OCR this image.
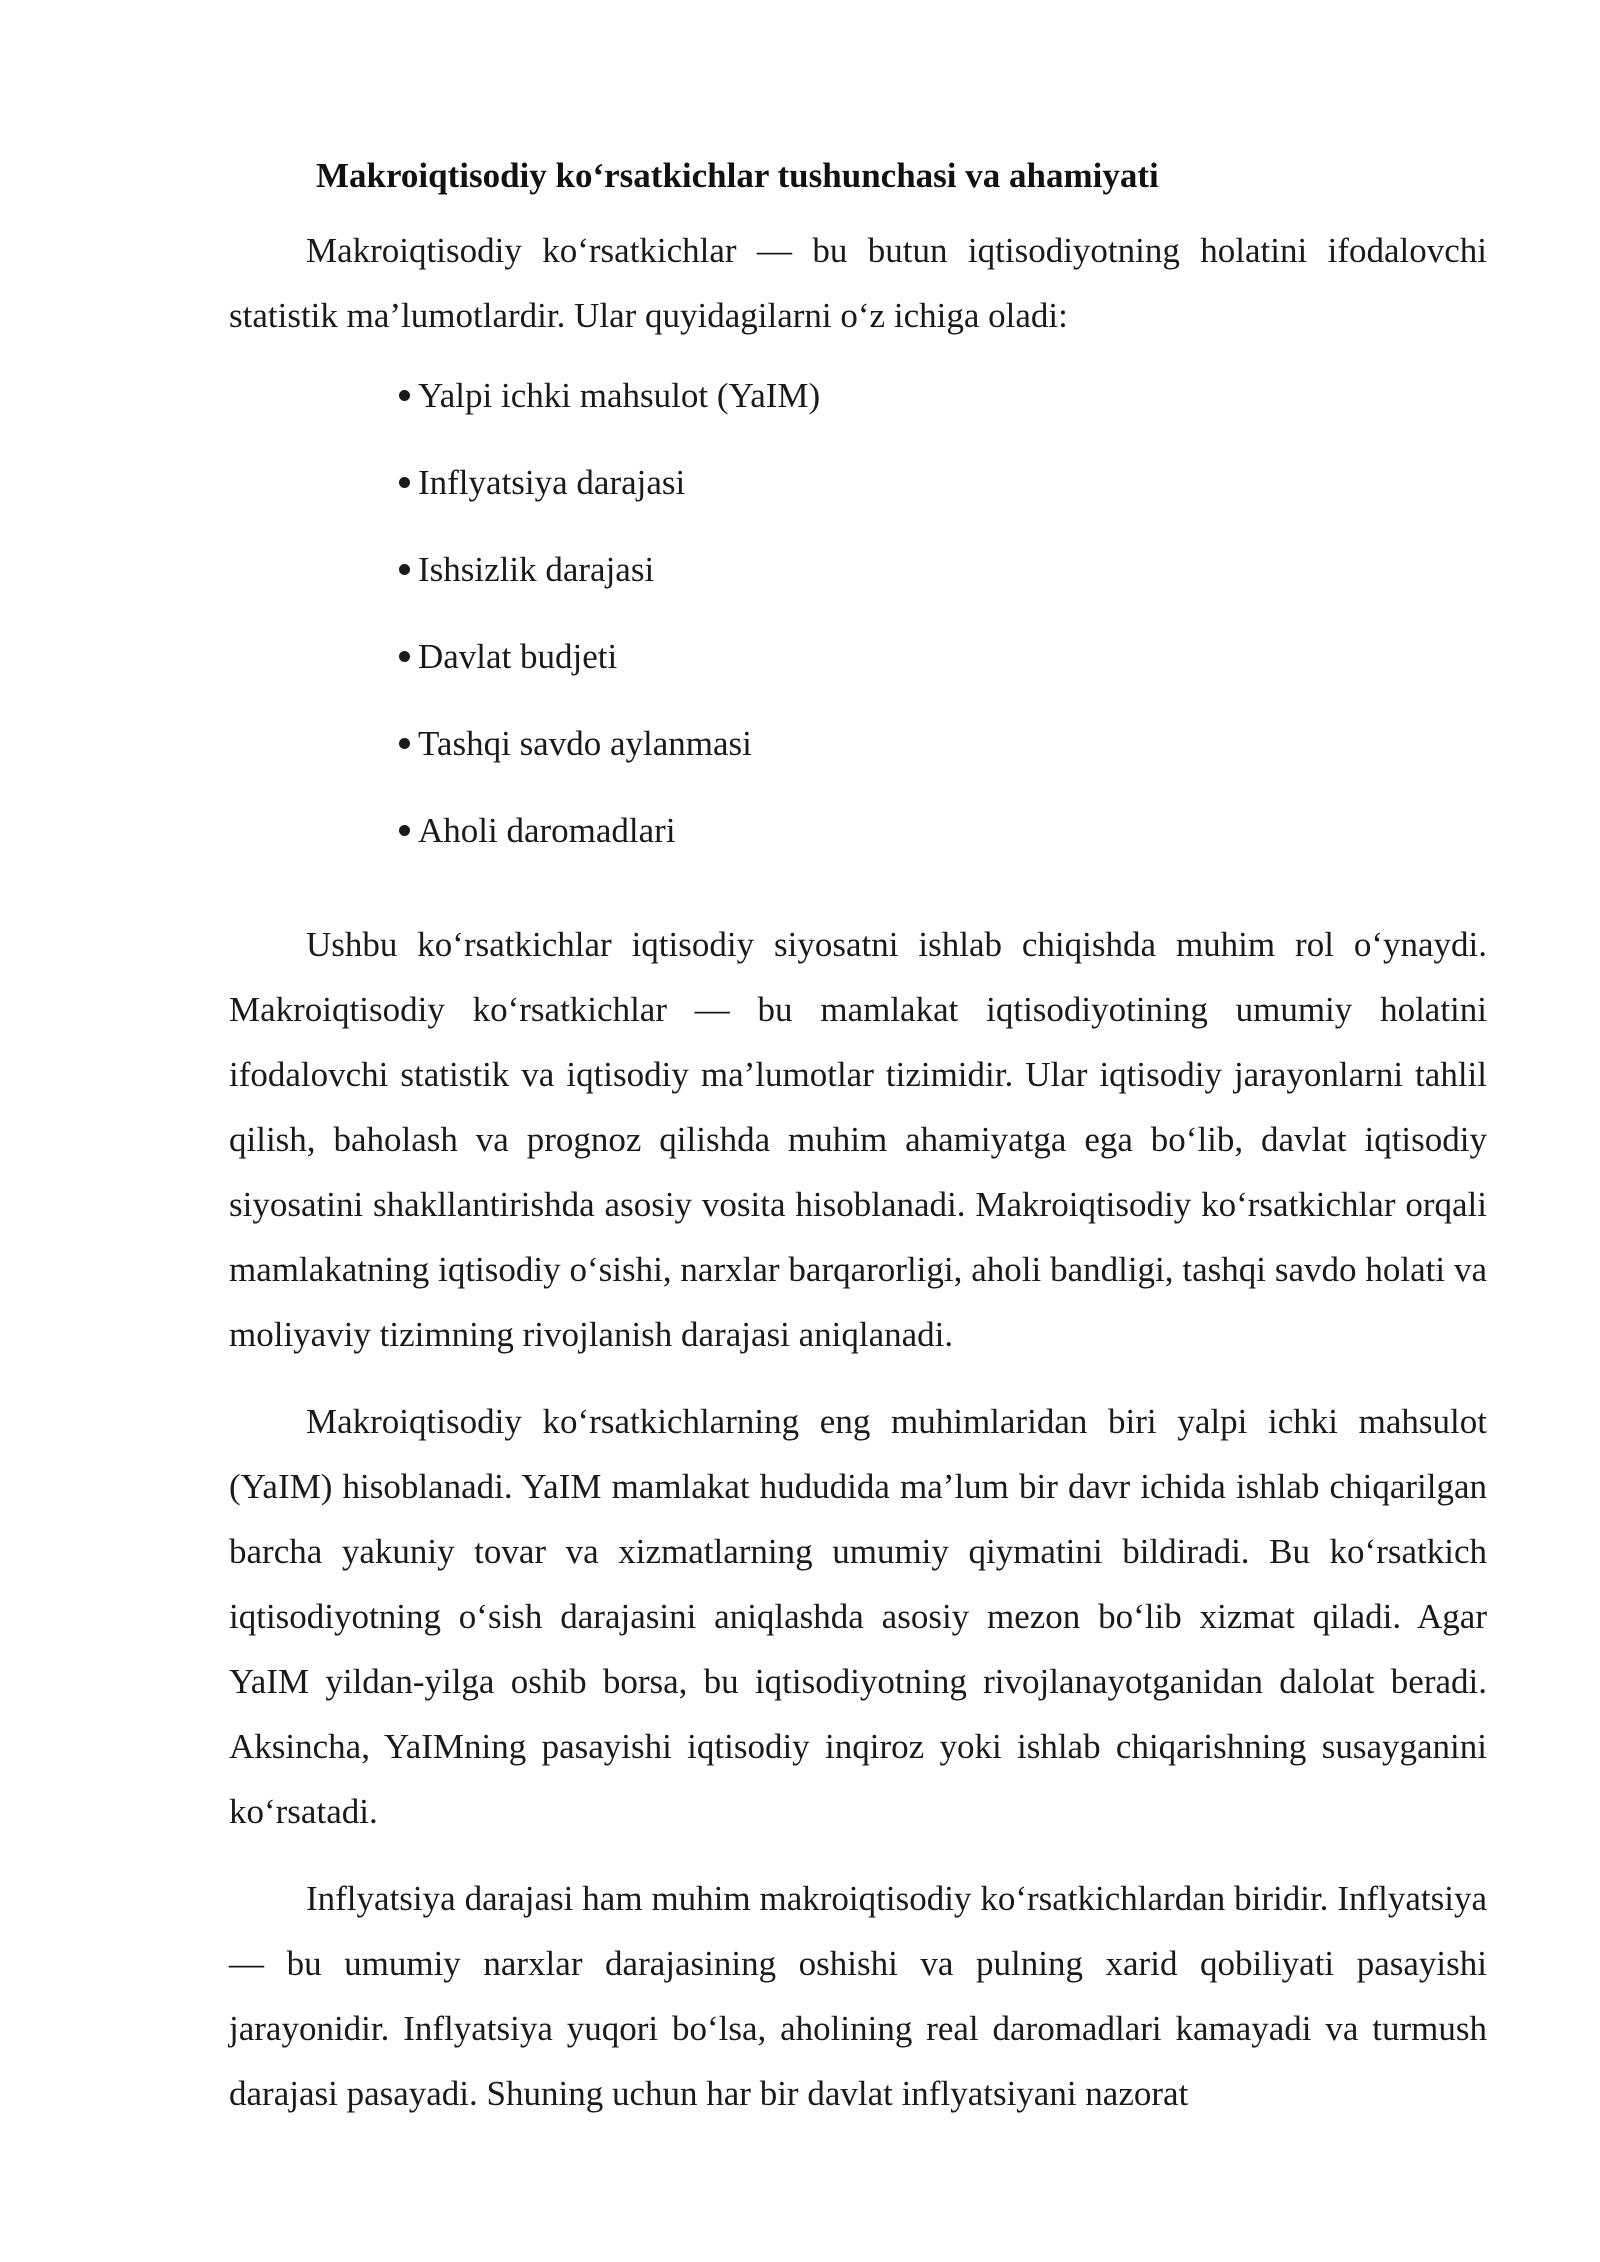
Makroiqtisodiy ko‘rsatkichlar tushunchasi va ahamiyati

Makroiqtisodiy ko‘rsatkichlar — bu butun iqtisodiyotning holatini ifodalovchi statistik ma’lumotlardir. Ular quyidagilarni o‘z ichiga oladi:

Yalpi ichki mahsulot (YaIM)
Inflyatsiya darajasi
Ishsizlik darajasi
Davlat budjeti
Tashqi savdo aylanmasi
Aholi daromadlari

Ushbu ko‘rsatkichlar iqtisodiy siyosatni ishlab chiqishda muhim rol o‘ynaydi. Makroiqtisodiy ko‘rsatkichlar — bu mamlakat iqtisodiyotining umumiy holatini ifodalovchi statistik va iqtisodiy ma’lumotlar tizimidir. Ular iqtisodiy jarayonlarni tahlil qilish, baholash va prognoz qilishda muhim ahamiyatga ega bo‘lib, davlat iqtisodiy siyosatini shakllantirishda asosiy vosita hisoblanadi. Makroiqtisodiy ko‘rsatkichlar orqali mamlakatning iqtisodiy o‘sishi, narxlar barqarorligi, aholi bandligi, tashqi savdo holati va moliyaviy tizimning rivojlanish darajasi aniqlanadi.

Makroiqtisodiy ko‘rsatkichlarning eng muhimlaridan biri yalpi ichki mahsulot (YaIM) hisoblanadi. YaIM mamlakat hududida ma’lum bir davr ichida ishlab chiqarilgan barcha yakuniy tovar va xizmatlarning umumiy qiymatini bildiradi. Bu ko‘rsatkich iqtisodiyotning o‘sish darajasini aniqlashda asosiy mezon bo‘lib xizmat qiladi. Agar YaIM yildan-yilga oshib borsa, bu iqtisodiyotning rivojlanayotganidan dalolat beradi. Aksincha, YaIMning pasayishi iqtisodiy inqiroz yoki ishlab chiqarishning susayganini ko‘rsatadi.

Inflyatsiya darajasi ham muhim makroiqtisodiy ko‘rsatkichlardan biridir. Inflyatsiya — bu umumiy narxlar darajasining oshishi va pulning xarid qobiliyati pasayishi jarayonidir. Inflyatsiya yuqori bo‘lsa, aholining real daromadlari kamayadi va turmush darajasi pasayadi. Shuning uchun har bir davlat inflyatsiyani nazorat
